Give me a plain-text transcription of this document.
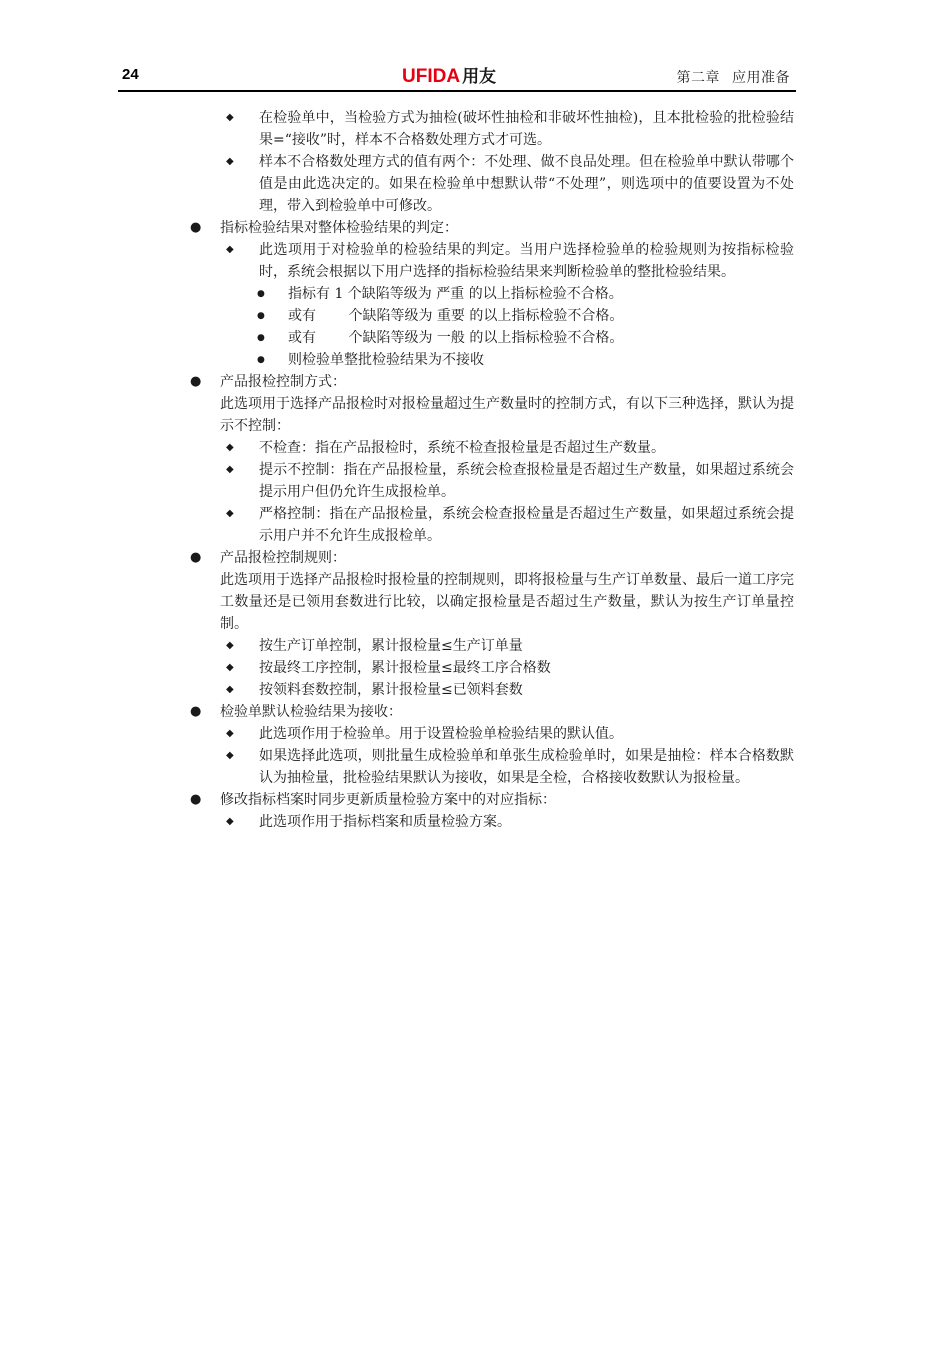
24	UFIDA 用友	第二章 应用准备
◆ 在检验单中，当检验方式为抽检(破坏性抽检和非破坏性抽检)，且本批检验的批检验结果=“接收”时，样本不合格数处理方式才可选。
◆ 样本不合格数处理方式的值有两个：不处理、做不良品处理。但在检验单中默认带哪个值是由此选决定的。如果在检验单中想默认带“不处理”，则选项中的值要设置为不处理，带入到检验单中可修改。
● 指标检验结果对整体检验结果的判定：
◆ 此选项用于对检验单的检验结果的判定。当用户选择检验单的检验规则为按指标检验时，系统会根据以下用户选择的指标检验结果来判断检验单的整批检验结果。
● 指标有 1 个缺陷等级为 严重 的以上指标检验不合格。
● 或有　　 个缺陷等级为 重要 的以上指标检验不合格。
● 或有　　 个缺陷等级为 一般 的以上指标检验不合格。
● 则检验单整批检验结果为不接收
● 产品报检控制方式：
此选项用于选择产品报检时对报检量超过生产数量时的控制方式，有以下三种选择，默认为提示不控制：
◆ 不检查：指在产品报检时，系统不检查报检量是否超过生产数量。
◆ 提示不控制：指在产品报检量，系统会检查报检量是否超过生产数量，如果超过系统会提示用户但仍允许生成报检单。
◆ 严格控制：指在产品报检量，系统会检查报检量是否超过生产数量，如果超过系统会提示用户并不允许生成报检单。
● 产品报检控制规则：
此选项用于选择产品报检时报检量的控制规则，即将报检量与生产订单数量、最后一道工序完工数量还是已领用套数进行比较，以确定报检量是否超过生产数量，默认为按生产订单量控制。
◆ 按生产订单控制，累计报检量≤生产订单量
◆ 按最终工序控制，累计报检量≤最终工序合格数
◆ 按领料套数控制，累计报检量≤已领料套数
● 检验单默认检验结果为接收：
◆ 此选项作用于检验单。用于设置检验单检验结果的默认值。
◆ 如果选择此选项，则批量生成检验单和单张生成检验单时，如果是抽检：样本合格数默认为抽检量，批检验结果默认为接收，如果是全检，合格接收数默认为报检量。
● 修改指标档案时同步更新质量检验方案中的对应指标：
◆ 此选项作用于指标档案和质量检验方案。
